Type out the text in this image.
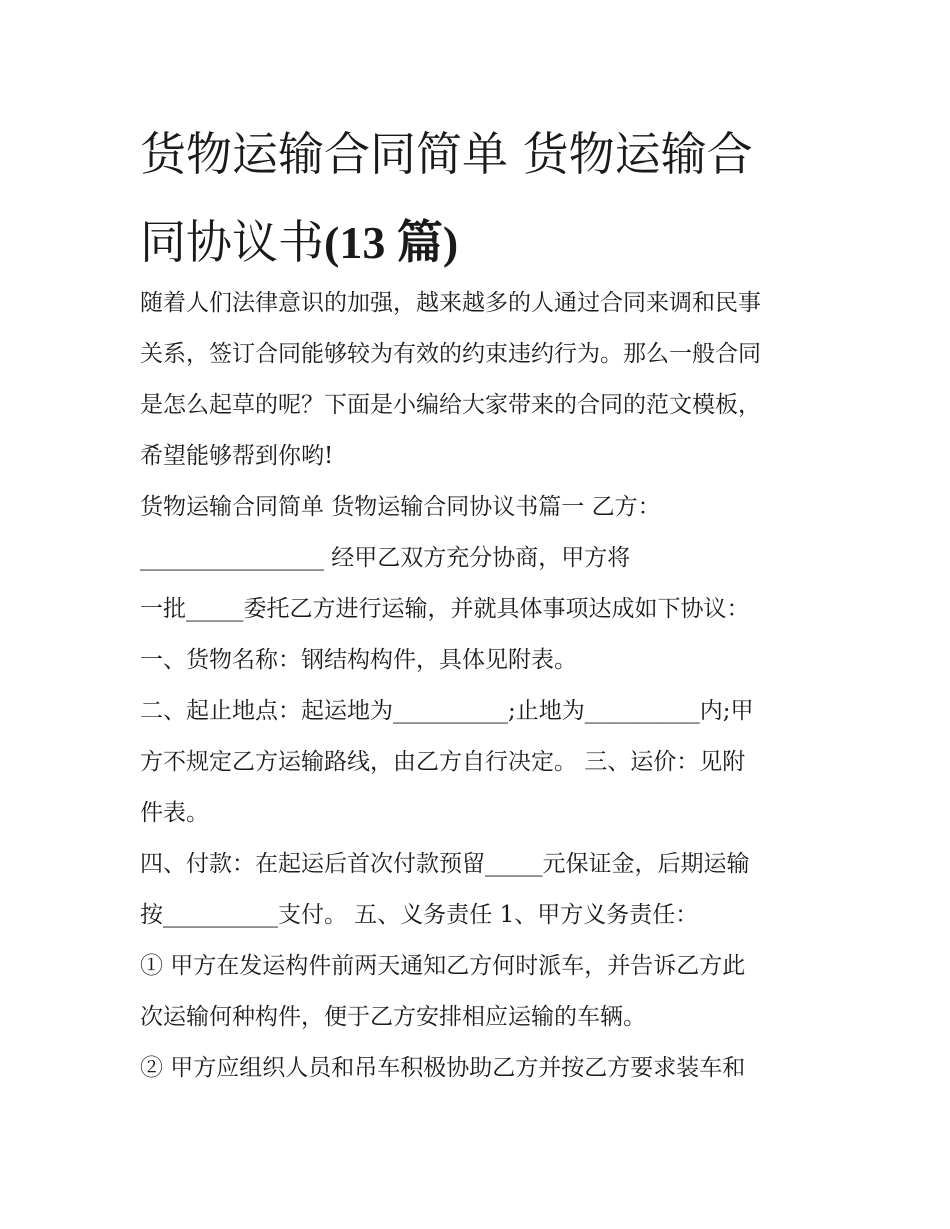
货物运输合同简单 货物运输合
同协议书(13 篇)

随着人们法律意识的加强，越来越多的人通过合同来调和民事

关系，签订合同能够较为有效的约束违约行为。那么一般合同

是怎么起草的呢？下面是小编给大家带来的合同的范文模板，

希望能够帮到你哟!

货物运输合同简单 货物运输合同协议书篇一 乙方：

________________ 经甲乙双方充分协商，甲方将

一批_____委托乙方进行运输，并就具体事项达成如下协议：

一、货物名称：钢结构构件，具体见附表。

二、起止地点：起运地为__________;止地为__________内;甲

方不规定乙方运输路线，由乙方自行决定。 三、运价：见附

件表。

四、付款：在起运后首次付款预留_____元保证金，后期运输

按__________支付。 五、义务责任 1、甲方义务责任：

① 甲方在发运构件前两天通知乙方何时派车，并告诉乙方此

次运输何种构件，便于乙方安排相应运输的车辆。

② 甲方应组织人员和吊车积极协助乙方并按乙方要求装车和
